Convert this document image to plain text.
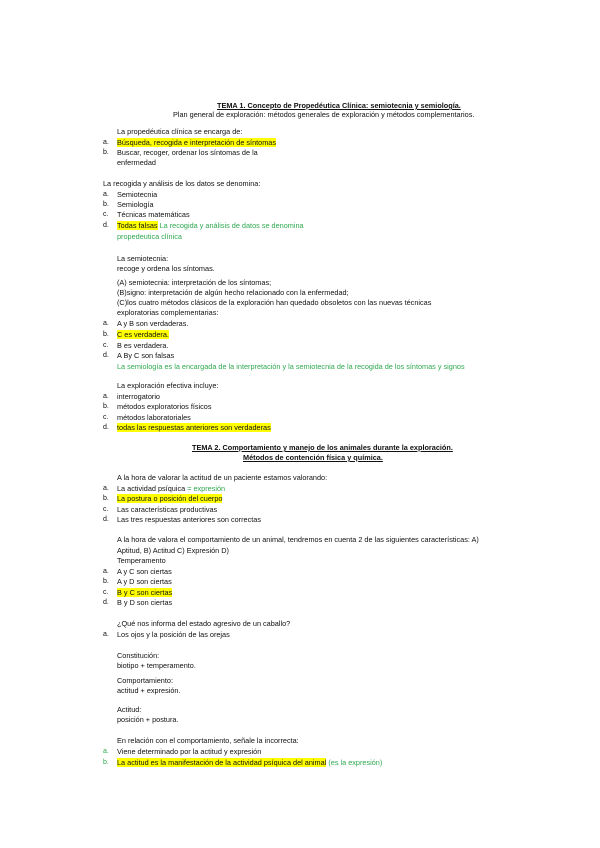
TEMA 1. Concepto de Propedéutica Clínica: semiotecnia y semiología.
Plan general de exploración: métodos generales de exploración y métodos complementarios.
La propedéutica clínica se encarga de:
a. Búsqueda, recogida e interpretación de síntomas
b. Buscar, recoger, ordenar los síntomas de la
enfermedad
La recogida y análisis de los datos se denomina:
a. Semiotecnia
b. Semiología
c. Técnicas matemáticas
d. Todas falsas La recogida y análisis de datos se denomina
propedeutica clínica
La semiotecnia:
recoge y ordena los síntomas.
(A) semiotecnia: interpretación de los síntomas;
(B)signo: interpretación de algún hecho relacionado con la enfermedad;
(C)los cuatro métodos clásicos de la exploración han quedado obsoletos con las nuevas técnicas
exploratorias complementarias:
a. A y B son verdaderas.
b. C es verdadera.
c. B es verdadera.
d. A By C son falsas
La semiología es la encargada de la interpretación y la semiotecnia de la recogida de los síntomas y signos
La exploración efectiva incluye:
a. interrogatorio
b. métodos exploratorios físicos
c. métodos laboratoriales
d. todas las respuestas anteriores son verdaderas
TEMA 2. Comportamiento y manejo de los animales durante la exploración.
Métodos de contención física y química.
A la hora de valorar la actitud de un paciente estamos valorando:
a. La actividad psíquica = expresión
b. La postura o posición del cuerpo
c. Las características productivas
d. Las tres respuestas anteriores son correctas
A la hora de valora el comportamiento de un animal, tendremos en cuenta 2 de las siguientes características: A)
Aptitud, B) Actitud C) Expresión D)
Temperamento
a. A y C son ciertas
b. A y D son ciertas
c. B y C son ciertas
d. B y D son ciertas
¿Qué nos informa del estado agresivo de un caballo?
a. Los ojos y la posición de las orejas
Constitución:
biotipo + temperamento.
Comportamiento:
actitud + expresión.
Actitud:
posición + postura.
En relación con el comportamiento, señale la incorrecta:
a. Viene determinado por la actitud y expresión
b. La actitud es la manifestación de la actividad psíquica del animal (es la expresión)
